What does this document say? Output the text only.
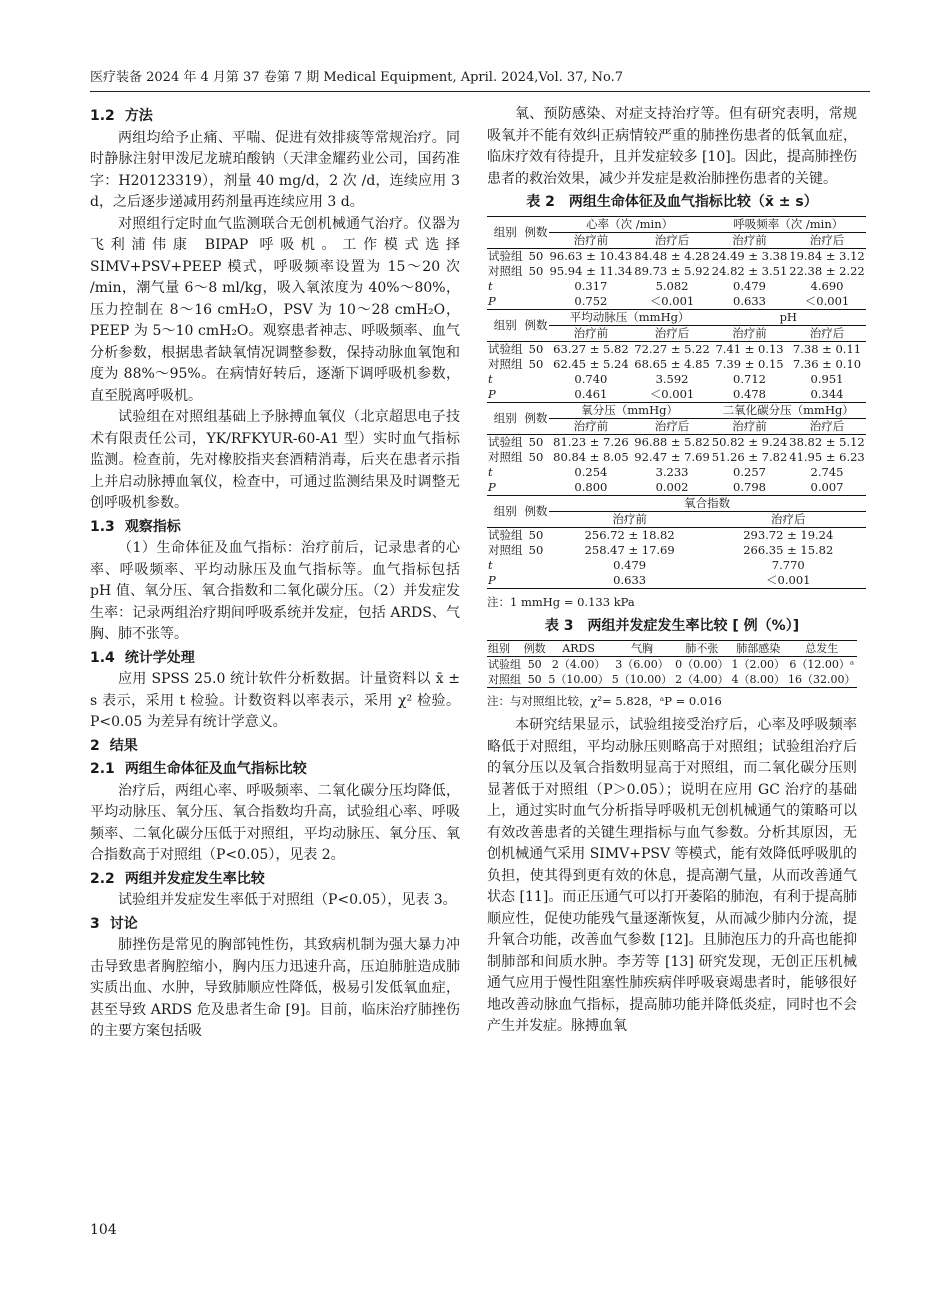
医疗装备 2024 年 4 月第 37 卷第 7 期 Medical Equipment, April. 2024,Vol. 37, No.7
1.2 方法

两组均给予止痛、平喘、促进有效排痰等常规治疗。同时静脉注射甲泼尼龙琥珀酸钠（天津金耀药业公司，国药准字：H20123319），剂量 40 mg/d，2 次 /d，连续应用 3 d，之后逐步递减用药剂量再连续应用 3 d。

对照组行定时血气监测联合无创机械通气治疗。仪器为飞利浦伟康 BIPAP 呼吸机。工作模式选择 SIMV+PSV+PEEP 模式，呼吸频率设置为 15～20 次 /min，潮气量 6～8 ml/kg，吸入氧浓度为 40%～80%，压力控制在 8～16 cmH₂O，PSV 为 10～28 cmH₂O，PEEP 为 5～10 cmH₂O。观察患者神志、呼吸频率、血气分析参数，根据患者缺氧情况调整参数，保持动脉血氧饱和度为 88%～95%。在病情好转后，逐渐下调呼吸机参数，直至脱离呼吸机。

试验组在对照组基础上予脉搏血氧仪（北京超思电子技术有限责任公司，YK/RFKYUR-60-A1 型）实时血气指标监测。检查前，先对橡胶指夹套酒精消毒，后夹在患者示指上并启动脉搏血氧仪，检查中，可通过监测结果及时调整无创呼吸机参数。

1.3 观察指标

（1）生命体征及血气指标：治疗前后，记录患者的心率、呼吸频率、平均动脉压及血气指标等。血气指标包括 pH 值、氧分压、氧合指数和二氧化碳分压。（2）并发症发生率：记录两组治疗期间呼吸系统并发症，包括 ARDS、气胸、肺不张等。

1.4 统计学处理

应用 SPSS 25.0 统计软件分析数据。计量资料以 x̄ ± s 表示，采用 t 检验。计数资料以率表示，采用 χ² 检验。P<0.05 为差异有统计学意义。

2 结果
2.1 两组生命体征及血气指标比较

治疗后，两组心率、呼吸频率、二氧化碳分压均降低，平均动脉压、氧分压、氧合指数均升高，试验组心率、呼吸频率、二氧化碳分压低于对照组，平均动脉压、氧分压、氧合指数高于对照组（P<0.05），见表 2。

2.2 两组并发症发生率比较

试验组并发症发生率低于对照组（P<0.05），见表 3。

3 讨论

肺挫伤是常见的胸部钝性伤，其致病机制为强大暴力冲击导致患者胸腔缩小，胸内压力迅速升高，压迫肺脏造成肺实质出血、水肿，导致肺顺应性降低，极易引发低氧血症，甚至导致 ARDS 危及患者生命 [9]。目前，临床治疗肺挫伤的主要方案包括吸

氧、预防感染、对症支持治疗等。但有研究表明，常规吸氧并不能有效纠正病情较严重的肺挫伤患者的低氧血症，临床疗效有待提升，且并发症较多 [10]。因此，提高肺挫伤患者的救治效果，减少并发症是救治肺挫伤患者的关键。

表 2　两组生命体征及血气指标比较（x̄ ± s）
组别	例数	心率（次 /min）		呼吸频率（次 /min）	
		治疗前	治疗后	治疗前	治疗后
试验组	50	96.63 ± 10.43	84.48 ± 4.28	24.49 ± 3.38	19.84 ± 3.12
对照组	50	95.94 ± 11.34	89.73 ± 5.92	24.82 ± 3.51	22.38 ± 2.22
t		0.317	5.082	0.479	4.690
P		0.752	＜0.001	0.633	＜0.001
组别	例数	平均动脉压（mmHg）		pH	
		治疗前	治疗后	治疗前	治疗后
试验组	50	63.27 ± 5.82	72.27 ± 5.22	7.41 ± 0.13	7.38 ± 0.11
对照组	50	62.45 ± 5.24	68.65 ± 4.85	7.39 ± 0.15	7.36 ± 0.10
t		0.740	3.592	0.712	0.951
P		0.461	＜0.001	0.478	0.344
组别	例数	氧分压（mmHg）		二氧化碳分压（mmHg）	
		治疗前	治疗后	治疗前	治疗后
试验组	50	81.23 ± 7.26	96.88 ± 5.82	50.82 ± 9.24	38.82 ± 5.12
对照组	50	80.84 ± 8.05	92.47 ± 7.69	51.26 ± 7.82	41.95 ± 6.23
t		0.254	3.233	0.257	2.745
P		0.800	0.002	0.798	0.007
组别	例数	氧合指数			
		治疗前		治疗后	
试验组	50	256.72 ± 18.82		293.72 ± 19.24	
对照组	50	258.47 ± 17.69		266.35 ± 15.82	
t		0.479		7.770	
P		0.633		＜0.001	
注：1 mmHg = 0.133 kPa
表 3　两组并发症发生率比较 [ 例（%）]
组别	例数	ARDS	气胸	肺不张	肺部感染	总发生
试验组	50	2（4.00）	3（6.00）	0（0.00）	1（2.00）	6（12.00）ᵃ
对照组	50	5（10.00）	5（10.00）	2（4.00）	4（8.00）	16（32.00）
注：与对照组比较，χ²= 5.828，ᵃP = 0.016

本研究结果显示，试验组接受治疗后，心率及呼吸频率略低于对照组，平均动脉压则略高于对照组；试验组治疗后的氧分压以及氧合指数明显高于对照组，而二氧化碳分压则显著低于对照组（P＞0.05）；说明在应用 GC 治疗的基础上，通过实时血气分析指导呼吸机无创机械通气的策略可以有效改善患者的关键生理指标与血气参数。分析其原因，无创机械通气采用 SIMV+PSV 等模式，能有效降低呼吸肌的负担，使其得到更有效的休息，提高潮气量，从而改善通气状态 [11]。而正压通气可以打开萎陷的肺泡，有利于提高肺顺应性，促使功能残气量逐渐恢复，从而减少肺内分流，提升氧合功能，改善血气参数 [12]。且肺泡压力的升高也能抑制肺部和间质水肿。李芳等 [13] 研究发现，无创正压机械通气应用于慢性阻塞性肺疾病伴呼吸衰竭患者时，能够很好地改善动脉血气指标，提高肺功能并降低炎症，同时也不会产生并发症。脉搏血氧

104
